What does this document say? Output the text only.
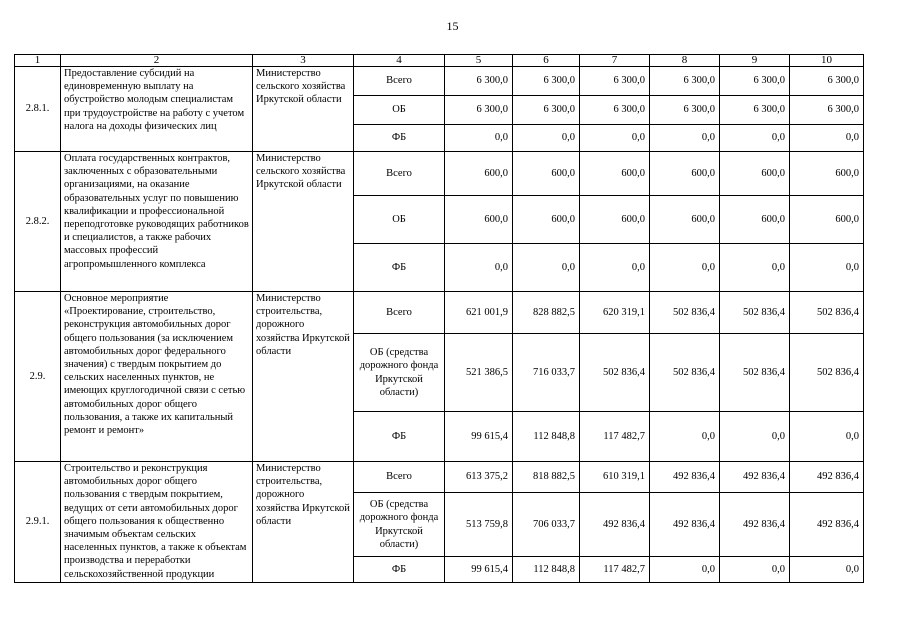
15
1	2	3	4	5	6	7	8	9	10
2.8.1.	Предоставление субсидий на единовременную выплату на обустройство молодым специалистам при трудоустройстве на работу с учетом налога на доходы физических лиц	Министерство сельского хозяйства Иркутской области	Всего	6 300,0	6 300,0	6 300,0	6 300,0	6 300,0	6 300,0
			ОБ	6 300,0	6 300,0	6 300,0	6 300,0	6 300,0	6 300,0
			ФБ	0,0	0,0	0,0	0,0	0,0	0,0
2.8.2.	Оплата государственных контрактов, заключенных с образовательными организациями, на оказание образовательных услуг по повышению квалификации и профессиональной переподготовке руководящих работников и специалистов, а также рабочих массовых профессий агропромышленного комплекса	Министерство сельского хозяйства Иркутской области	Всего	600,0	600,0	600,0	600,0	600,0	600,0
			ОБ	600,0	600,0	600,0	600,0	600,0	600,0
			ФБ	0,0	0,0	0,0	0,0	0,0	0,0
2.9.	Основное мероприятие «Проектирование, строительство, реконструкция автомобильных дорог общего пользования (за исключением автомобильных дорог федерального значения) с твердым покрытием до сельских населенных пунктов, не имеющих круглогодичной связи с сетью автомобильных дорог общего пользования, а также их капитальный ремонт и ремонт»	Министерство строительства, дорожного хозяйства Иркутской области	Всего	621 001,9	828 882,5	620 319,1	502 836,4	502 836,4	502 836,4
			ОБ (средства дорожного фонда Иркутской области)	521 386,5	716 033,7	502 836,4	502 836,4	502 836,4	502 836,4
			ФБ	99 615,4	112 848,8	117 482,7	0,0	0,0	0,0
2.9.1.	Строительство и реконструкция автомобильных дорог общего пользования с твердым покрытием, ведущих от сети автомобильных дорог общего пользования к общественно значимым объектам сельских населенных пунктов, а также к объектам производства и переработки сельскохозяйственной продукции	Министерство строительства, дорожного хозяйства Иркутской области	Всего	613 375,2	818 882,5	610 319,1	492 836,4	492 836,4	492 836,4
			ОБ (средства дорожного фонда Иркутской области)	513 759,8	706 033,7	492 836,4	492 836,4	492 836,4	492 836,4
			ФБ	99 615,4	112 848,8	117 482,7	0,0	0,0	0,0
